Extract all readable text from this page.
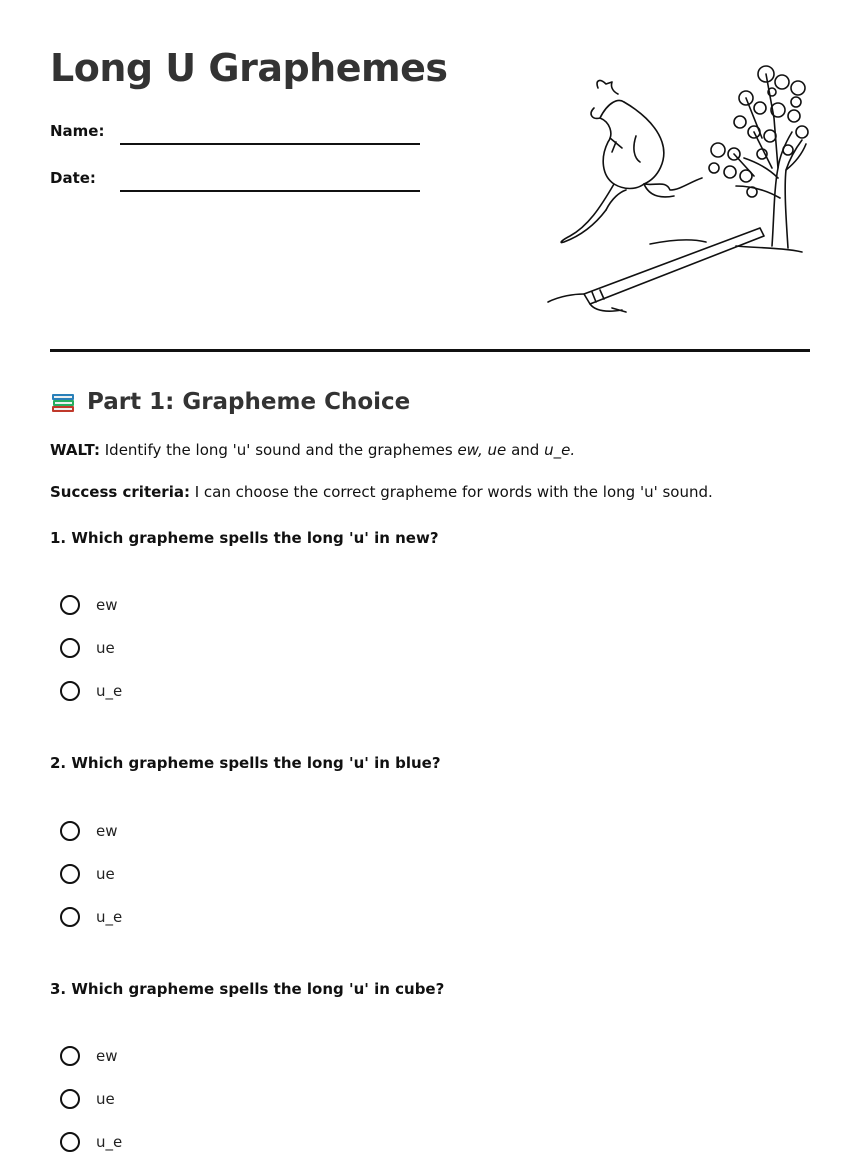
Long U Graphemes
Name:
Date:
Part 1: Grapheme Choice

WALT: Identify the long 'u' sound and the graphemes ew, ue and u_e.

Success criteria: I can choose the correct grapheme for words with the long 'u' sound.

1. Which grapheme spells the long 'u' in new?

ew
ue
u_e

2. Which grapheme spells the long 'u' in blue?

ew
ue
u_e

3. Which grapheme spells the long 'u' in cube?

ew
ue
u_e
